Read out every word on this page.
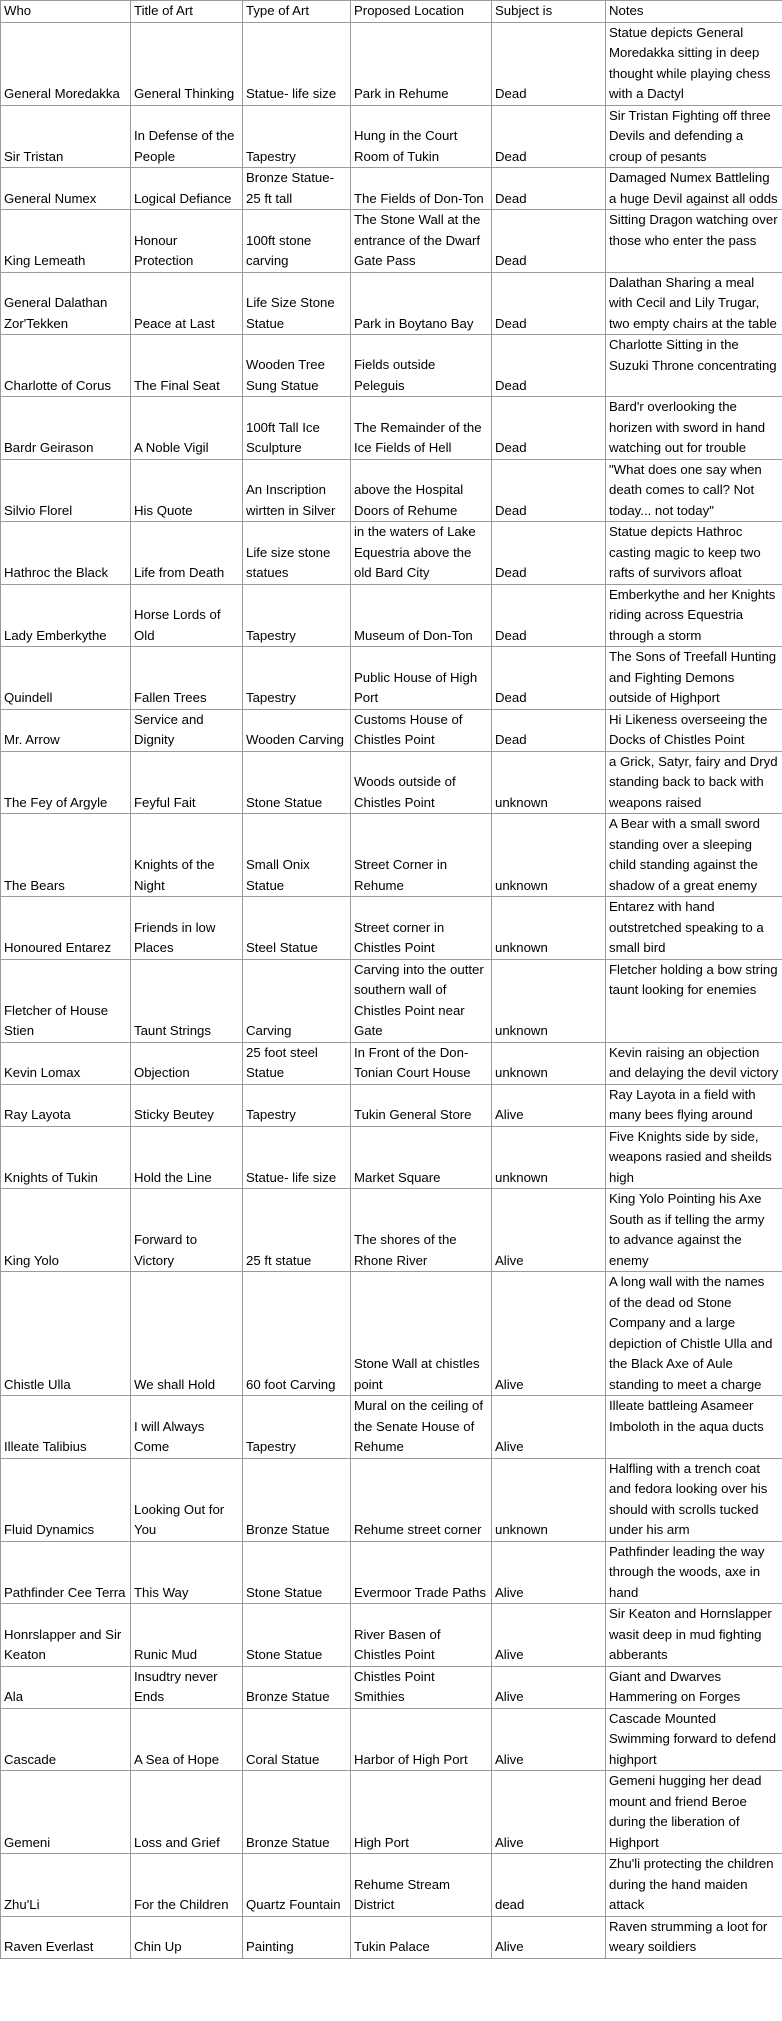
Who	Title of Art	Type of Art	Proposed Location	Subject is	Notes
General Moredakka	General Thinking	Statue- life size	Park in Rehume	Dead	Statue depicts General Moredakka sitting in deep thought while playing chess with a Dactyl
Sir Tristan	In Defense of the People	Tapestry	Hung in the Court Room of Tukin	Dead	Sir Tristan Fighting off three Devils and defending a croup of pesants
General Numex	Logical Defiance	Bronze Statue- 25 ft tall	The Fields of Don-Ton	Dead	Damaged Numex Battleling a huge Devil against all odds
King Lemeath	Honour Protection	100ft stone carving	The Stone Wall at the entrance of the Dwarf Gate Pass	Dead	Sitting Dragon watching over those who enter the pass
General Dalathan Zor'Tekken	Peace at Last	Life Size Stone Statue	Park in Boytano Bay	Dead	Dalathan Sharing a meal with Cecil and Lily Trugar, two empty chairs at the table
Charlotte of Corus	The Final Seat	Wooden Tree Sung Statue	Fields outside Peleguis	Dead	Charlotte Sitting in the Suzuki Throne concentrating
Bardr Geirason	A Noble Vigil	100ft Tall Ice Sculpture	The Remainder of the Ice Fields of Hell	Dead	Bard'r overlooking the horizen with sword in hand watching out for trouble
Silvio Florel	His Quote	An Inscription wirtten in Silver	above the Hospital Doors of Rehume	Dead	"What does one say when death comes to call? Not today... not today"
Hathroc the Black	Life from Death	Life size stone statues	in the waters of Lake Equestria above the old Bard City	Dead	Statue depicts Hathroc casting magic to keep two rafts of survivors afloat
Lady Emberkythe	Horse Lords of Old	Tapestry	Museum of Don-Ton	Dead	Emberkythe and her Knights riding across Equestria through a storm
Quindell	Fallen Trees	Tapestry	Public House of High Port	Dead	The Sons of Treefall Hunting and Fighting Demons outside of Highport
Mr. Arrow	Service and Dignity	Wooden Carving	Customs House of Chistles Point	Dead	Hi Likeness overseeing the Docks of Chistles Point
The Fey of Argyle	Feyful Fait	Stone Statue	Woods outside of Chistles Point	unknown	a Grick, Satyr, fairy and Dryd standing back to back with weapons raised
The Bears	Knights of the Night	Small Onix Statue	Street Corner in Rehume	unknown	A Bear with a small sword standing over a sleeping child standing against the shadow of a great enemy
Honoured Entarez	Friends in low Places	Steel Statue	Street corner in Chistles Point	unknown	Entarez with hand outstretched speaking to a small bird
Fletcher of House Stien	Taunt Strings	Carving	Carving into the outter southern wall of Chistles Point near Gate	unknown	Fletcher holding a bow string taunt looking for enemies
Kevin Lomax	Objection	25 foot steel Statue	In Front of the Don-Tonian Court House	unknown	Kevin raising an objection and delaying the devil victory
Ray Layota	Sticky Beutey	Tapestry	Tukin General Store	Alive	Ray Layota in a field with many bees flying around
Knights of Tukin	Hold the Line	Statue- life size	Market Square	unknown	Five Knights side by side, weapons rasied and sheilds high
King Yolo	Forward to Victory	25 ft statue	The shores of the Rhone River	Alive	King Yolo Pointing his Axe South as if telling the army to advance against the enemy
Chistle Ulla	We shall Hold	60 foot Carving	Stone Wall at chistles point	Alive	A long wall with the names of the dead od Stone Company and a large depiction of Chistle Ulla and the Black Axe of Aule standing to meet a charge
Illeate Talibius	I will Always Come	Tapestry	Mural on the ceiling of the Senate House of Rehume	Alive	Illeate battleing Asameer Imboloth in the aqua ducts
Fluid Dynamics	Looking Out for You	Bronze Statue	Rehume street corner	unknown	Halfling with a trench coat and fedora looking over his should with scrolls tucked under his arm
Pathfinder Cee Terra	This Way	Stone Statue	Evermoor Trade Paths	Alive	Pathfinder leading the way through the woods, axe in hand
Honrslapper and Sir Keaton	Runic Mud	Stone Statue	River Basen of Chistles Point	Alive	Sir Keaton and Hornslapper wasit deep in mud fighting abberants
Ala	Insudtry never Ends	Bronze Statue	Chistles Point Smithies	Alive	Giant and Dwarves Hammering on Forges
Cascade	A Sea of Hope	Coral Statue	Harbor of High Port	Alive	Cascade Mounted Swimming forward to defend highport
Gemeni	Loss and Grief	Bronze Statue	High Port	Alive	Gemeni hugging her dead mount and friend Beroe during the liberation of Highport
Zhu'Li	For the Children	Quartz Fountain	Rehume Stream District	dead	Zhu'li protecting the children during the hand maiden attack
Raven Everlast	Chin Up	Painting	Tukin Palace	Alive	Raven strumming a loot for weary soildiers
